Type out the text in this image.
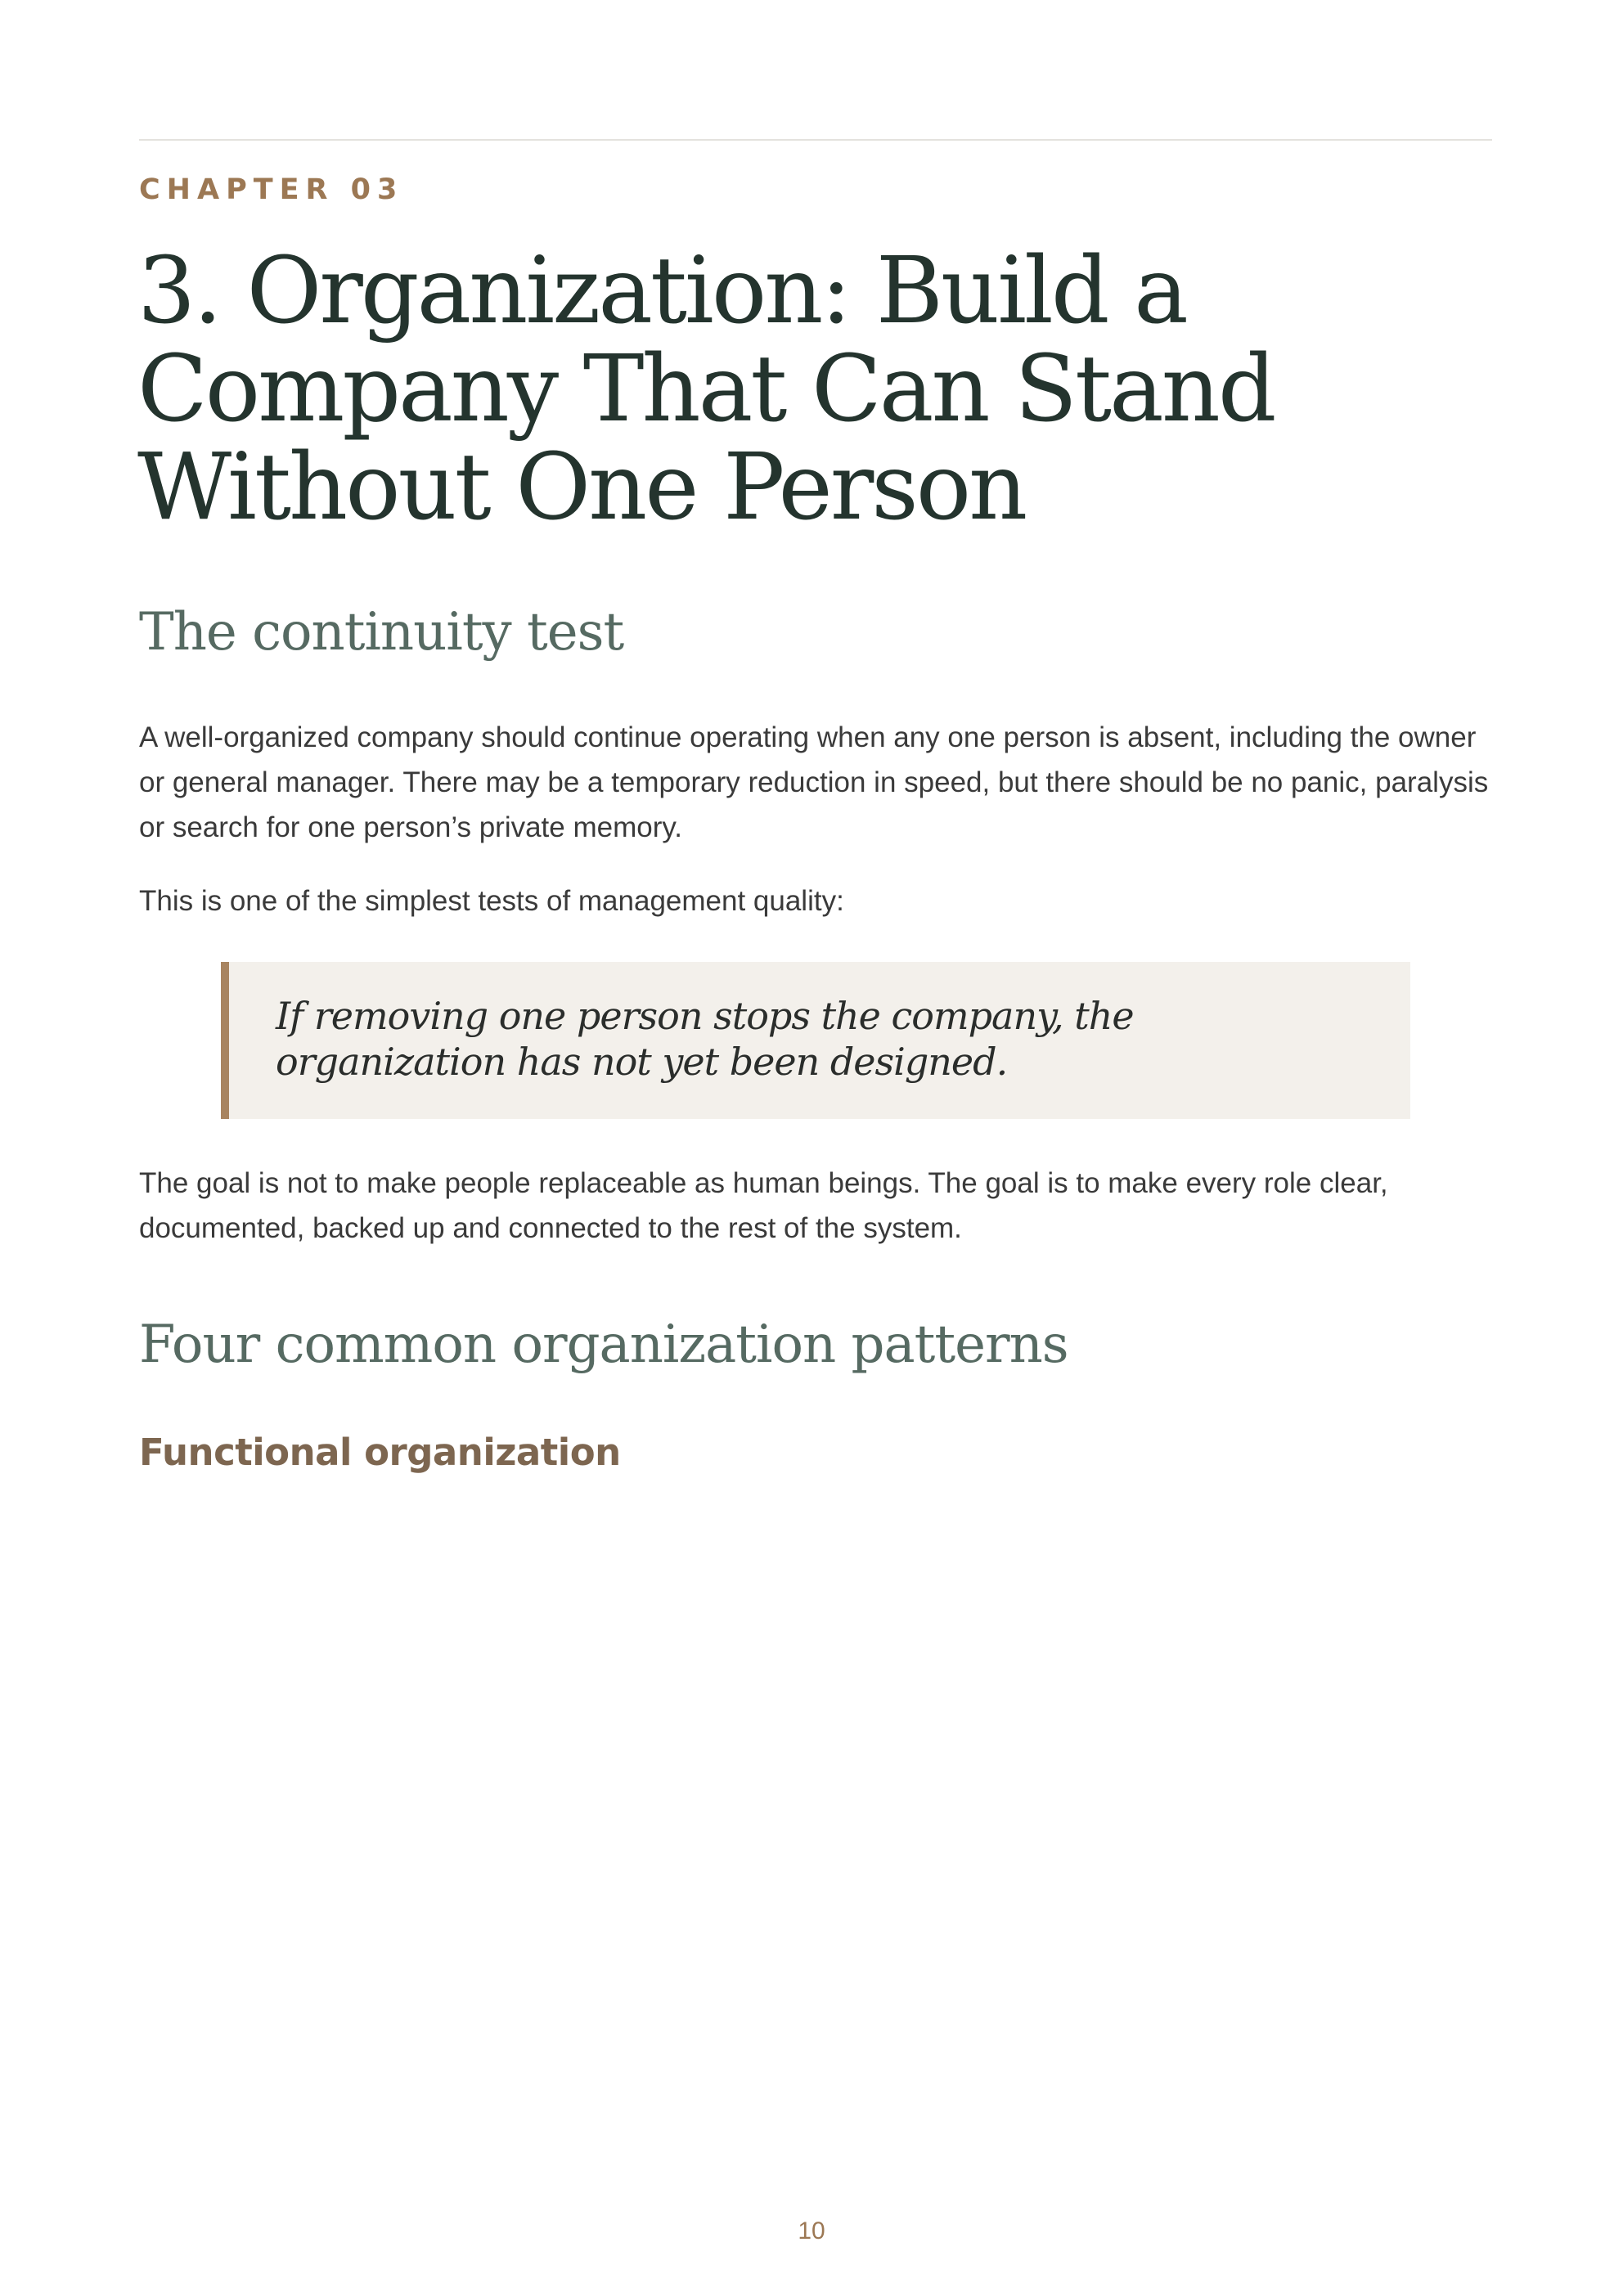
CHAPTER 03
3. Organization: Build a Company That Can Stand Without One Person
The continuity test

A well-organized company should continue operating when any one person is absent, including the owner or general manager. There may be a temporary reduction in speed, but there should be no panic, paralysis or search for one person’s private memory.

This is one of the simplest tests of management quality:

If removing one person stops the company, the organization has not yet been designed.

The goal is not to make people replaceable as human beings. The goal is to make every role clear, documented, backed up and connected to the rest of the system.

Four common organization patterns
Functional organization
10
